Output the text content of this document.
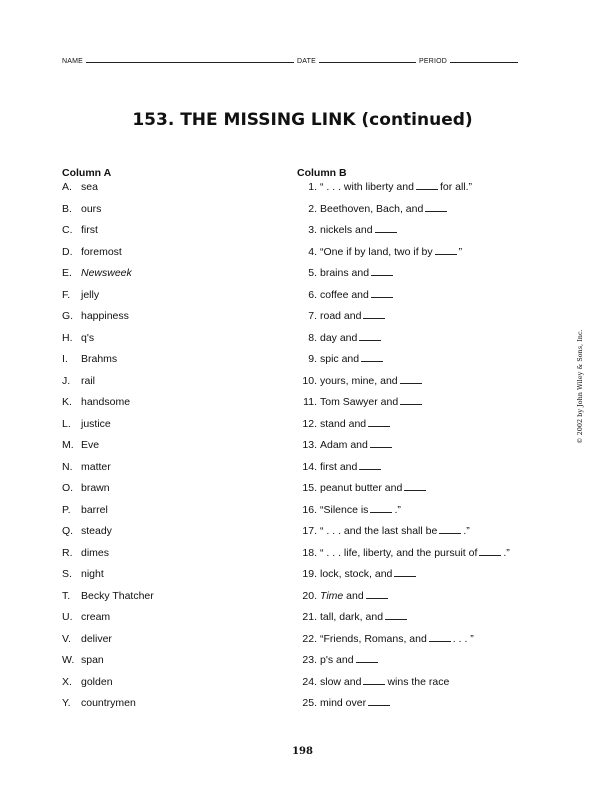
NAME	DATE	PERIOD
153. THE MISSING LINK (continued)
Column A	Column B
A. sea
B. ours
C. first
D. foremost
E. Newsweek
F.	jelly
G. happiness
H. q's
I.	Brahms
J.	rail
K. handsome
L. justice
M. Eve
N. matter
O. brawn
P. barrel
Q. steady
R. dimes
S. night
T.	Becky Thatcher
U. cream
V. deliver
W. span
X. golden
Y. countrymen
1. “ . . . with liberty and for all.”
2. Beethoven, Bach, and
3. nickels and
4. “One if by land, two if by ”
5. brains and
6. coffee and
7. road and
8. day and
9. spic and
10. yours, mine, and
11. Tom Sawyer and
12. stand and
13. Adam and
14. first and
15. peanut butter and
16. “Silence is .”
17. “ . . . and the last shall be .”
18. “ . . . life, liberty, and the pursuit of .”
19. lock, stock, and
20. Time and
21. tall, dark, and
22. “Friends, Romans, and . . . ”
23. p's and
24. slow and wins the race
25. mind over
© 2002 by John Wiley & Sons, Inc.
198
